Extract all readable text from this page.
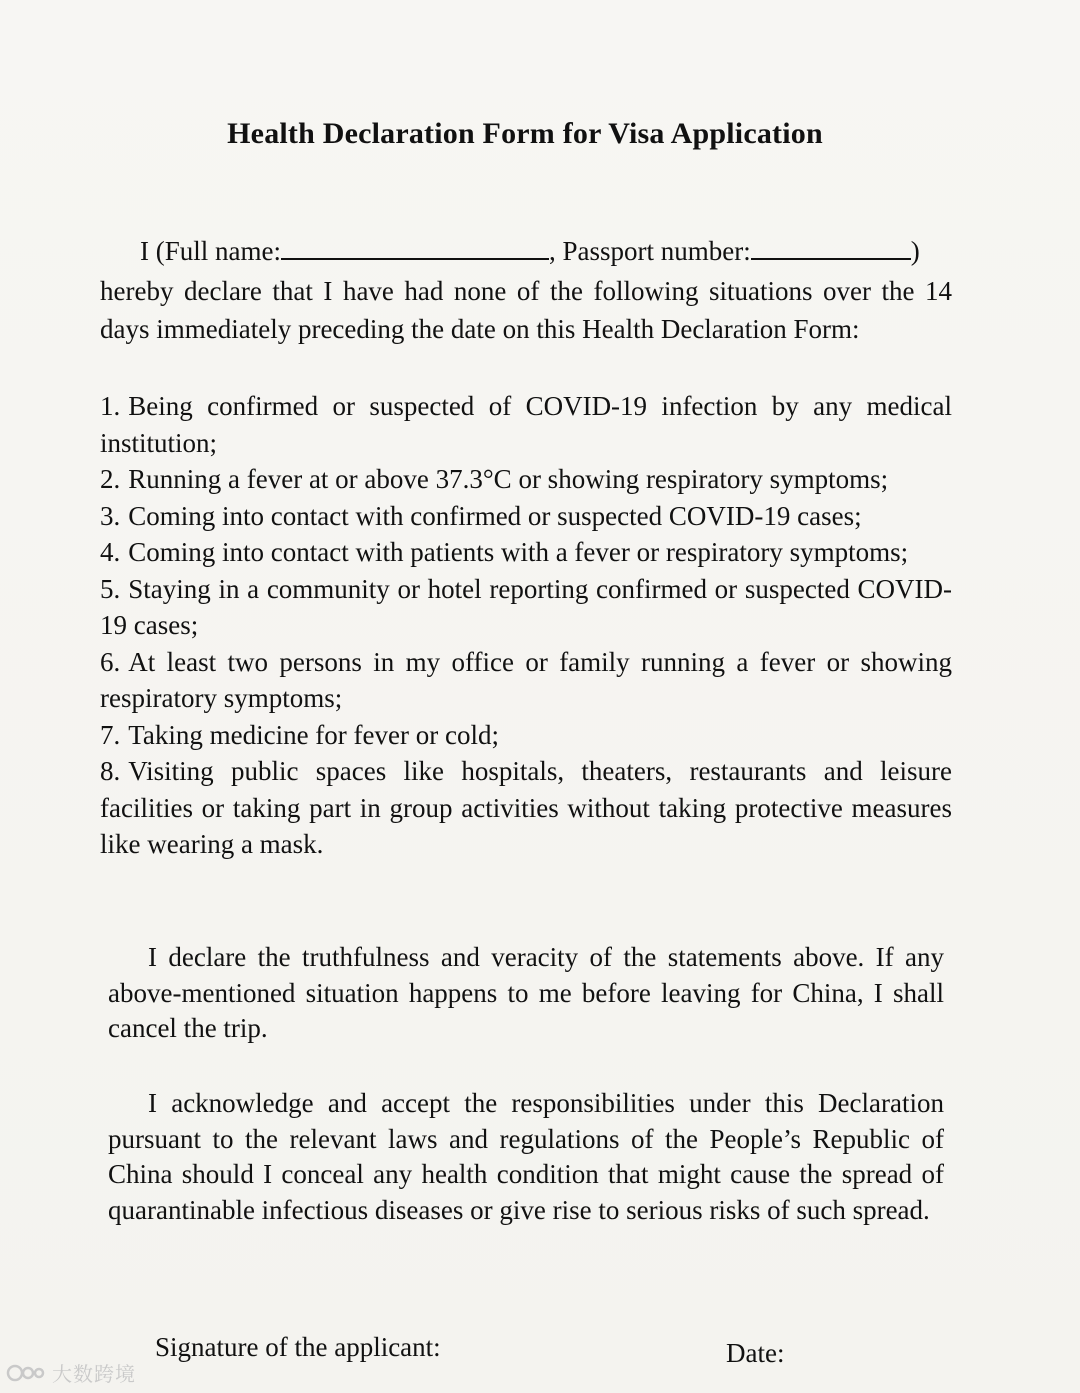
Health Declaration Form for Visa Application
I (Full name:	, Passport number:	)
hereby declare that I have had none of the following situations over the 14 days immediately preceding the date on this Health Declaration Form:
1. Being confirmed or suspected of COVID-19 infection by any medical institution;
2. Running a fever at or above 37.3°C or showing respiratory symptoms;
3. Coming into contact with confirmed or suspected COVID-19 cases;
4. Coming into contact with patients with a fever or respiratory symptoms;
5. Staying in a community or hotel reporting confirmed or suspected COVID-19 cases;
6. At least two persons in my office or family running a fever or showing respiratory symptoms;
7. Taking medicine for fever or cold;
8. Visiting public spaces like hospitals, theaters, restaurants and leisure facilities or taking part in group activities without taking protective measures like wearing a mask.
I declare the truthfulness and veracity of the statements above. If any above-mentioned situation happens to me before leaving for China, I shall cancel the trip.
I acknowledge and accept the responsibilities under this Declaration pursuant to the relevant laws and regulations of the People’s Republic of China should I conceal any health condition that might cause the spread of quarantinable infectious diseases or give rise to serious risks of such spread.
Signature of the applicant:	Date:
大数跨境
